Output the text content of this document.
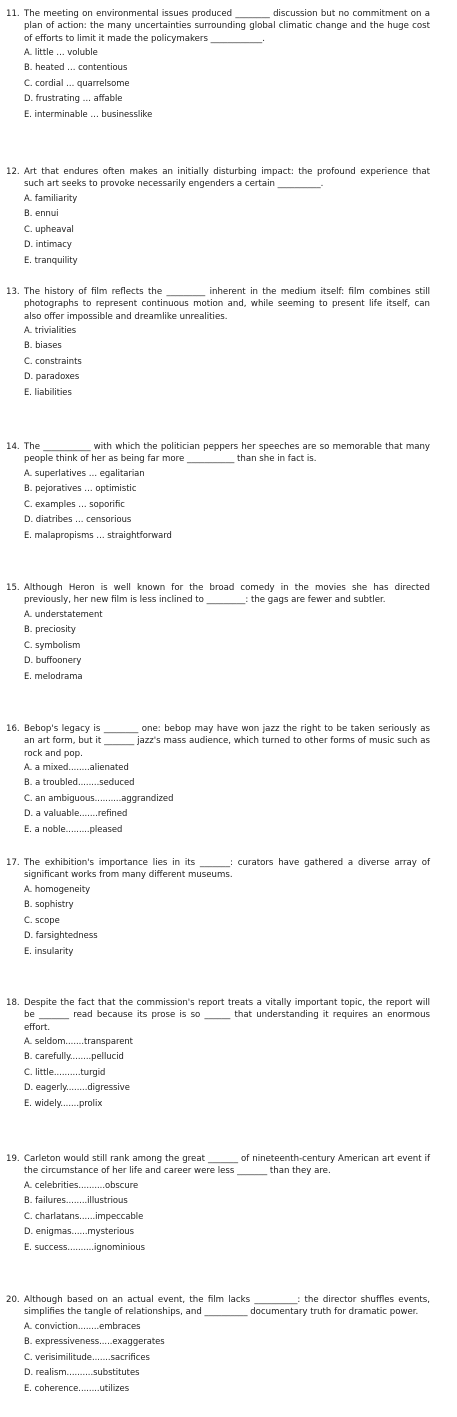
11. The meeting on environmental issues produced ________ discussion but no commitment on a plan of action: the many uncertainties surrounding global climatic change and the huge cost of efforts to limit it made the policymakers ____________.
A. little … voluble
B. heated … contentious
C. cordial … quarrelsome
D. frustrating … affable
E. interminable … businesslike
12. Art that endures often makes an initially disturbing impact: the profound experience that such art seeks to provoke necessarily engenders a certain __________.
A. familiarity
B. ennui
C. upheaval
D. intimacy
E. tranquility
13. The history of film reflects the _________ inherent in the medium itself: film combines still photographs to represent continuous motion and, while seeming to present life itself, can also offer impossible and dreamlike unrealities.
A. trivialities
B. biases
C. constraints
D. paradoxes
E. liabilities
14. The ___________ with which the politician peppers her speeches are so memorable that many people think of her as being far more ___________ than she in fact is.
A. superlatives … egalitarian
B. pejoratives … optimistic
C. examples … soporific
D. diatribes … censorious
E. malapropisms … straightforward
15. Although Heron is well known for the broad comedy in the movies she has directed previously, her new film is less inclined to _________: the gags are fewer and subtler.
A. understatement
B. preciosity
C. symbolism
D. buffoonery
E. melodrama
16. Bebop's legacy is ________ one: bebop may have won jazz the right to be taken seriously as an art form, but it _______ jazz's mass audience, which turned to other forms of music such as rock and pop.
A. a mixed........alienated
B. a troubled........seduced
C. an ambiguous..........aggrandized
D. a valuable.......refined
E. a noble.........pleased
17. The exhibition's importance lies in its _______: curators have gathered a diverse array of significant works from many different museums.
A. homogeneity
B. sophistry
C. scope
D. farsightedness
E. insularity
18. Despite the fact that the commission's report treats a vitally important topic, the report will be _______ read because its prose is so ______ that understanding it requires an enormous effort.
A. seldom.......transparent
B. carefully........pellucid
C. little..........turgid
D. eagerly........digressive
E. widely.......prolix
19. Carleton would still rank among the great _______ of nineteenth-century American art event if the circumstance of her life and career were less _______ than they are.
A. celebrities..........obscure
B. failures........illustrious
C. charlatans......impeccable
D. enigmas......mysterious
E. success..........ignominious
20. Although based on an actual event, the film lacks __________: the director shuffles events, simplifies the tangle of relationships, and __________ documentary truth for dramatic power.
A. conviction........embraces
B. expressiveness.....exaggerates
C. verisimilitude.......sacrifices
D. realism..........substitutes
E. coherence........utilizes
